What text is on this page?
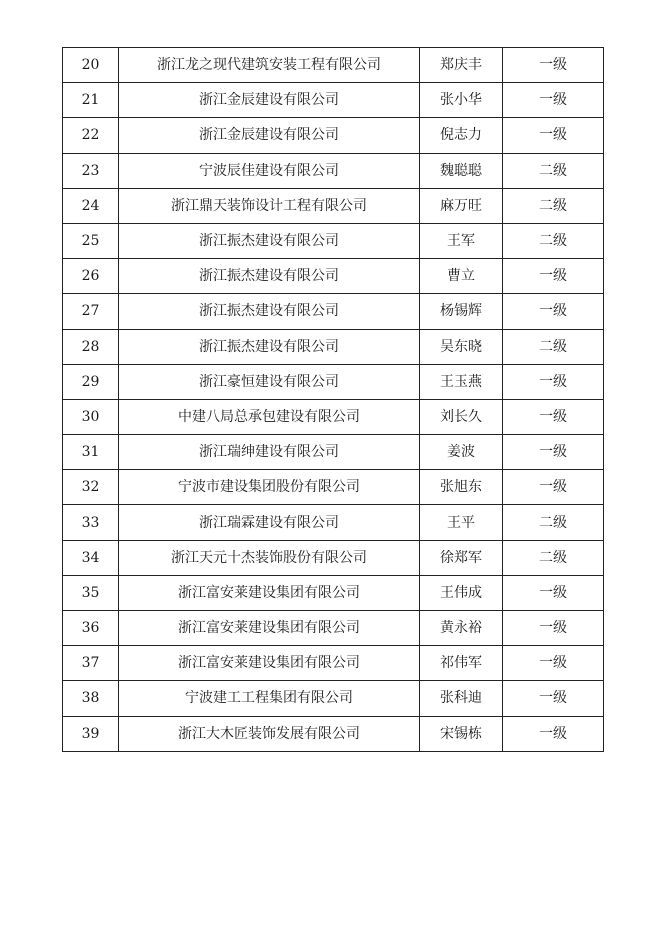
20	浙江龙之现代建筑安装工程有限公司	郑庆丰	一级
21	浙江金辰建设有限公司	张小华	一级
22	浙江金辰建设有限公司	倪志力	一级
23	宁波辰佳建设有限公司	魏聪聪	二级
24	浙江鼎天装饰设计工程有限公司	麻万旺	二级
25	浙江振杰建设有限公司	王军	二级
26	浙江振杰建设有限公司	曹立	一级
27	浙江振杰建设有限公司	杨锡辉	一级
28	浙江振杰建设有限公司	吴东晓	二级
29	浙江豪恒建设有限公司	王玉燕	一级
30	中建八局总承包建设有限公司	刘长久	一级
31	浙江瑞绅建设有限公司	姜波	一级
32	宁波市建设集团股份有限公司	张旭东	一级
33	浙江瑞霖建设有限公司	王平	二级
34	浙江天元十杰装饰股份有限公司	徐郑军	二级
35	浙江富安莱建设集团有限公司	王伟成	一级
36	浙江富安莱建设集团有限公司	黄永裕	一级
37	浙江富安莱建设集团有限公司	祁伟军	一级
38	宁波建工工程集团有限公司	张科迪	一级
39	浙江大木匠装饰发展有限公司	宋锡栋	一级
